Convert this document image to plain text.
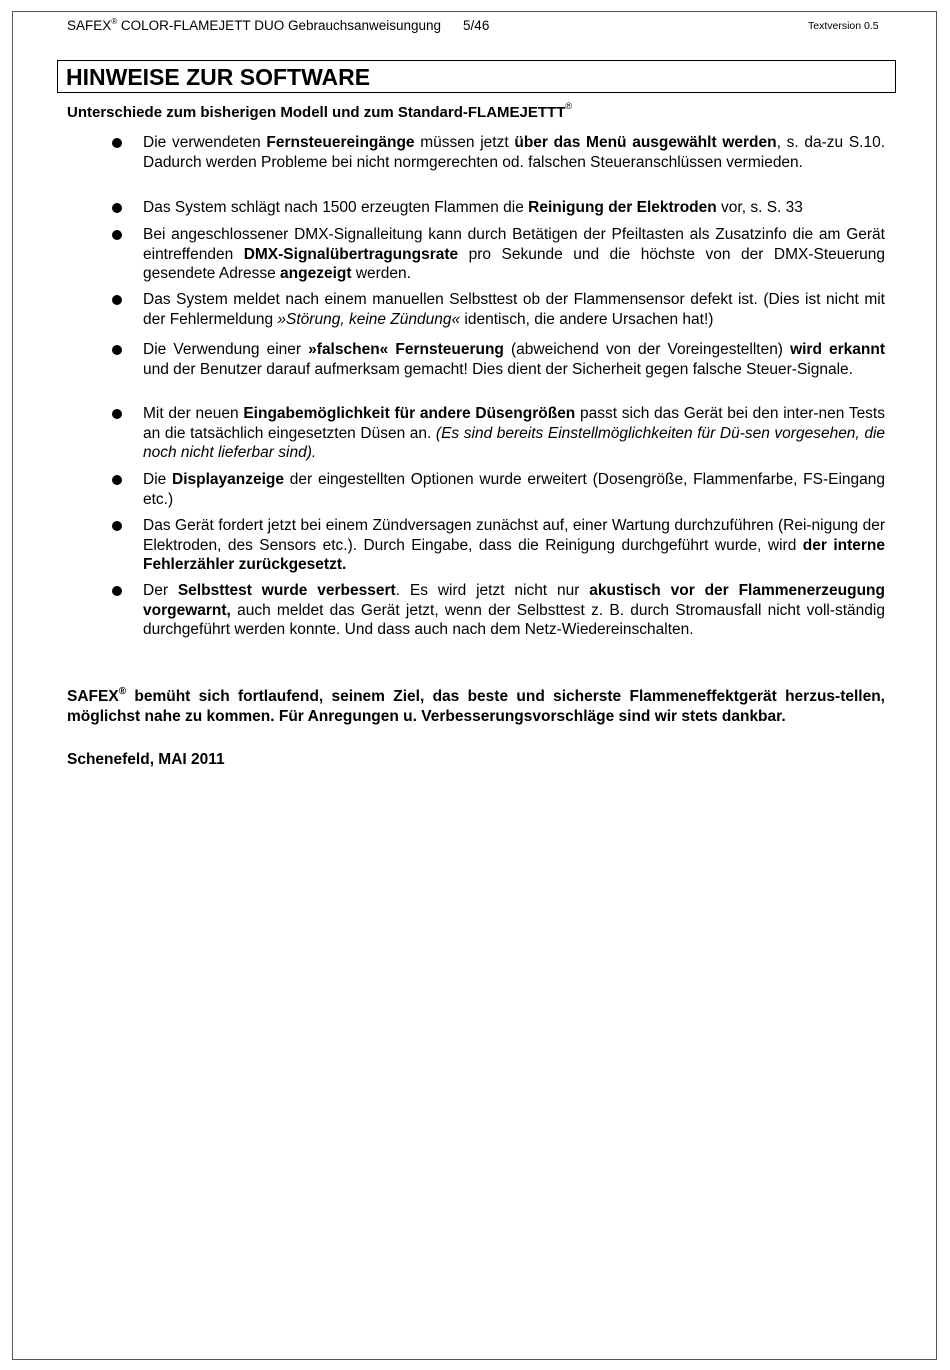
SAFEX® COLOR-FLAMEJETT DUO Gebrauchsanweisungung 5/46	Textversion 0.5
HINWEISE ZUR SOFTWARE
Unterschiede zum bisherigen Modell und zum Standard-FLAMEJETTT®
Die verwendeten Fernsteuereingänge müssen jetzt über das Menü ausgewählt werden, s. da-zu S.10. Dadurch werden Probleme bei nicht normgerechten od. falschen Steueranschlüssen vermieden.
Das System schlägt nach 1500 erzeugten Flammen die Reinigung der Elektroden vor, s. S. 33
Bei angeschlossener DMX-Signalleitung kann durch Betätigen der Pfeiltasten als Zusatzinfo die am Gerät eintreffenden DMX-Signalübertragungsrate pro Sekunde und die höchste von der DMX-Steuerung gesendete Adresse angezeigt werden.
Das System meldet nach einem manuellen Selbsttest ob der Flammensensor defekt ist. (Dies ist nicht mit der Fehlermeldung »Störung, keine Zündung« identisch, die andere Ursachen hat!)
Die Verwendung einer »falschen« Fernsteuerung (abweichend von der Voreingestellten) wird erkannt und der Benutzer darauf aufmerksam gemacht! Dies dient der Sicherheit gegen falsche Steuer-Signale.
Mit der neuen Eingabemöglichkeit für andere Düsengrößen passt sich das Gerät bei den inter-nen Tests an die tatsächlich eingesetzten Düsen an. (Es sind bereits Einstellmöglichkeiten für Dü-sen vorgesehen, die noch nicht lieferbar sind).
Die Displayanzeige der eingestellten Optionen wurde erweitert (Dosengröße, Flammenfarbe, FS-Eingang etc.)
Das Gerät fordert jetzt bei einem Zündversagen zunächst auf, einer Wartung durchzuführen (Rei-nigung der Elektroden, des Sensors etc.). Durch Eingabe, dass die Reinigung durchgeführt wurde, wird der interne Fehlerzähler zurückgesetzt.
Der Selbsttest wurde verbessert. Es wird jetzt nicht nur akustisch vor der Flammenerzeugung vorgewarnt, auch meldet das Gerät jetzt, wenn der Selbsttest z. B. durch Stromausfall nicht voll-ständig durchgeführt werden konnte. Und dass auch nach dem Netz-Wiedereinschalten.
SAFEX® bemüht sich fortlaufend, seinem Ziel, das beste und sicherste Flammeneffektgerät herzus-tellen, möglichst nahe zu kommen. Für Anregungen u. Verbesserungsvorschläge sind wir stets dankbar.
Schenefeld, MAI 2011
